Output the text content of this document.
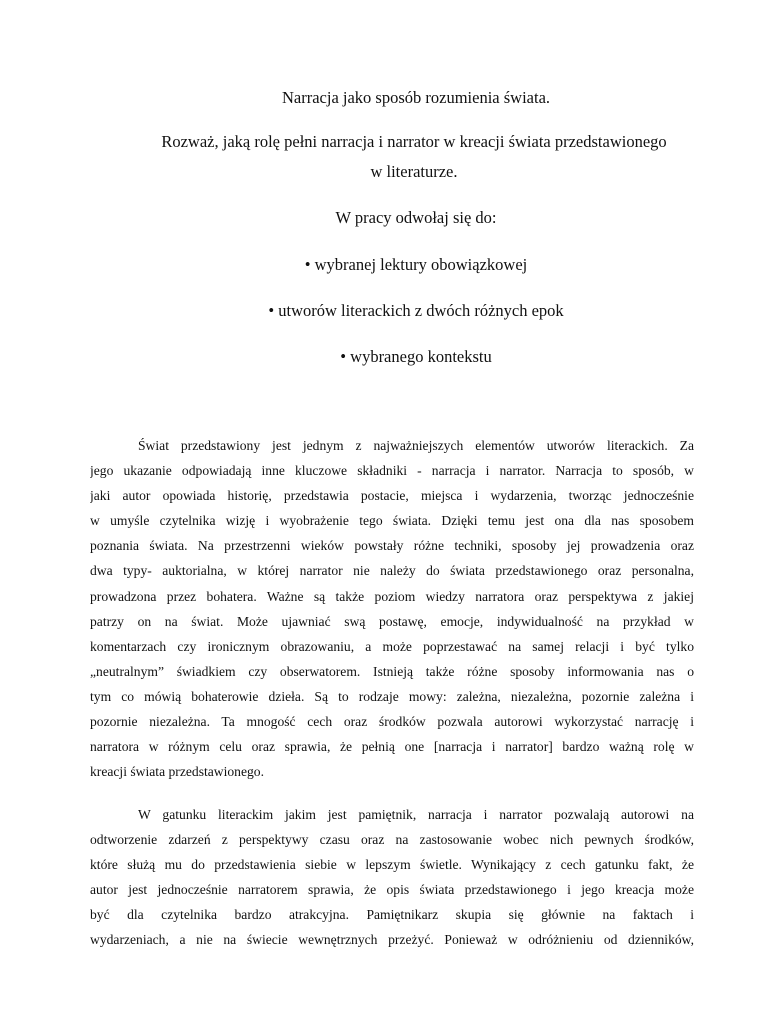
Narracja jako sposób rozumienia świata.
Rozważ, jaką rolę pełni narracja i narrator w kreacji świata przedstawionego
w literaturze.
W pracy odwołaj się do:
• wybranej lektury obowiązkowej
• utworów literackich z dwóch różnych epok
• wybranego kontekstu
Świat przedstawiony jest jednym z najważniejszych elementów utworów literackich. Za
jego ukazanie odpowiadają inne kluczowe składniki - narracja i narrator. Narracja to sposób, w
jaki autor opowiada historię, przedstawia postacie, miejsca i wydarzenia, tworząc jednocześnie
w umyśle czytelnika wizję i wyobrażenie tego świata. Dzięki temu jest ona dla nas sposobem
poznania świata. Na przestrzenni wieków powstały różne techniki, sposoby jej prowadzenia oraz
dwa typy- auktorialna, w której narrator nie należy do świata przedstawionego oraz personalna,
prowadzona przez bohatera. Ważne są także poziom wiedzy narratora oraz perspektywa z jakiej
patrzy on na świat. Może ujawniać swą postawę, emocje, indywidualność na przykład w
komentarzach czy ironicznym obrazowaniu, a może poprzestawać na samej relacji i być tylko
„neutralnym” świadkiem czy obserwatorem. Istnieją także różne sposoby informowania nas o
tym co mówią bohaterowie dzieła. Są to rodzaje mowy: zależna, niezależna, pozornie zależna i
pozornie niezależna. Ta mnogość cech oraz środków pozwala autorowi wykorzystać narrację i
narratora w różnym celu oraz sprawia, że pełnią one [narracja i narrator] bardzo ważną rolę w
kreacji świata przedstawionego.
W gatunku literackim jakim jest pamiętnik, narracja i narrator pozwalają autorowi na
odtworzenie zdarzeń z perspektywy czasu oraz na zastosowanie wobec nich pewnych środków,
które służą mu do przedstawienia siebie w lepszym świetle. Wynikający z cech gatunku fakt, że
autor jest jednocześnie narratorem sprawia, że opis świata przedstawionego i jego kreacja może
być dla czytelnika bardzo atrakcyjna. Pamiętnikarz skupia się głównie na faktach i
wydarzeniach, a nie na świecie wewnętrznych przeżyć. Ponieważ w odróżnieniu od dzienników,
